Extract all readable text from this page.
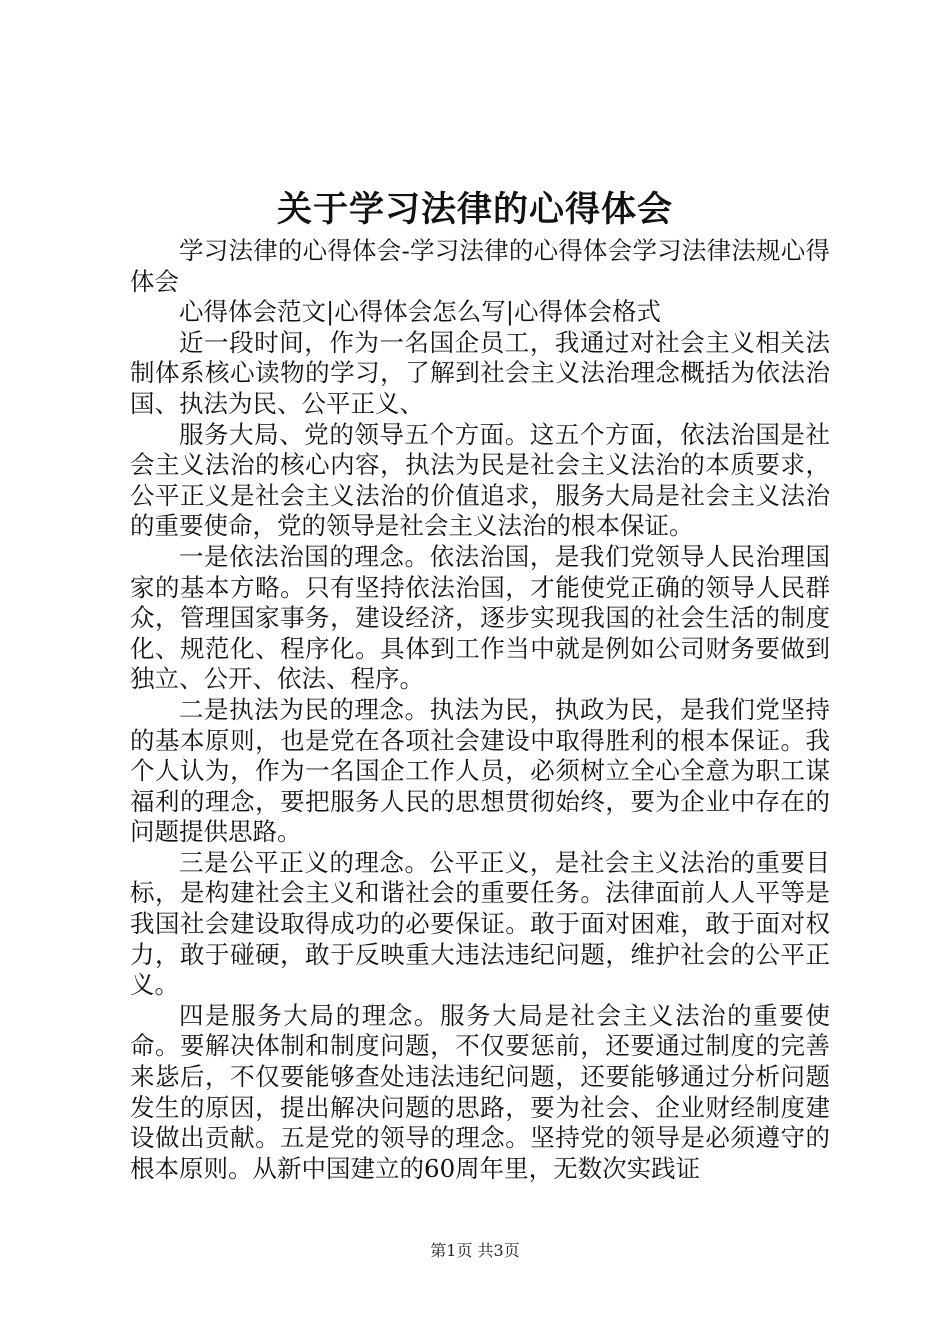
关于学习法律的心得体会

学习法律的心得体会-学习法律的心得体会学习法律法规心得体会

心得体会范文|心得体会怎么写|心得体会格式

近一段时间，作为一名国企员工，我通过对社会主义相关法制体系核心读物的学习，了解到社会主义法治理念概括为依法治国、执法为民、公平正义、

服务大局、党的领导五个方面。这五个方面，依法治国是社会主义法治的核心内容，执法为民是社会主义法治的本质要求，公平正义是社会主义法治的价值追求，服务大局是社会主义法治的重要使命，党的领导是社会主义法治的根本保证。

一是依法治国的理念。依法治国，是我们党领导人民治理国家的基本方略。只有坚持依法治国，才能使党正确的领导人民群众，管理国家事务，建设经济，逐步实现我国的社会生活的制度化、规范化、程序化。具体到工作当中就是例如公司财务要做到独立、公开、依法、程序。

二是执法为民的理念。执法为民，执政为民，是我们党坚持的基本原则，也是党在各项社会建设中取得胜利的根本保证。我个人认为，作为一名国企工作人员，必须树立全心全意为职工谋福利的理念，要把服务人民的思想贯彻始终，要为企业中存在的问题提供思路。

三是公平正义的理念。公平正义，是社会主义法治的重要目标，是构建社会主义和谐社会的重要任务。法律面前人人平等是我国社会建设取得成功的必要保证。敢于面对困难，敢于面对权力，敢于碰硬，敢于反映重大违法违纪问题，维护社会的公平正义。

四是服务大局的理念。服务大局是社会主义法治的重要使命。要解决体制和制度问题，不仅要惩前，还要通过制度的完善来毖后，不仅要能够查处违法违纪问题，还要能够通过分析问题发生的原因，提出解决问题的思路，要为社会、企业财经制度建设做出贡献。五是党的领导的理念。坚持党的领导是必须遵守的根本原则。从新中国建立的60周年里，无数次实践证

第1页 共3页
